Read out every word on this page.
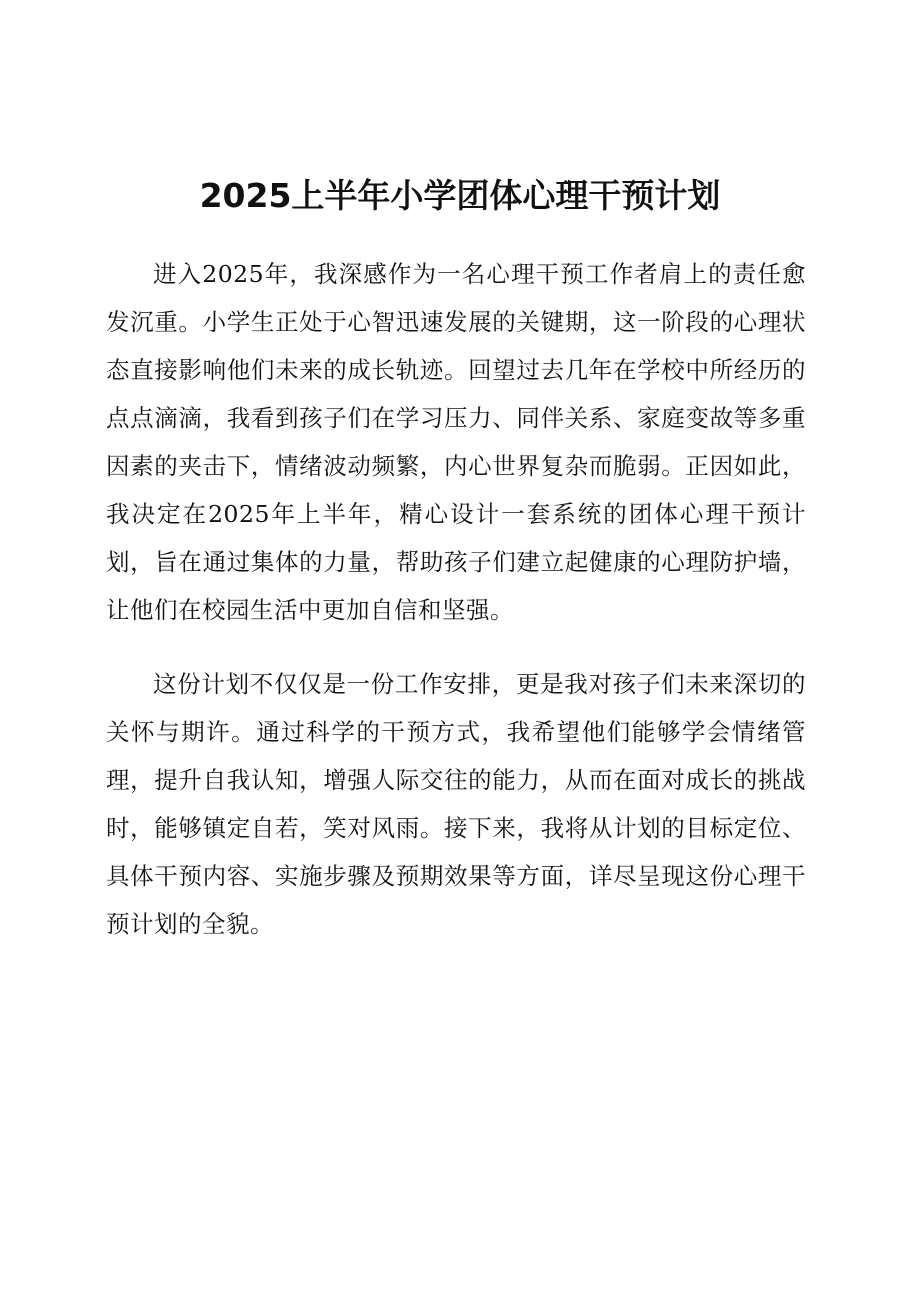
2025上半年小学团体心理干预计划

进入2025年，我深感作为一名心理干预工作者肩上的责任愈发沉重。小学生正处于心智迅速发展的关键期，这一阶段的心理状态直接影响他们未来的成长轨迹。回望过去几年在学校中所经历的点点滴滴，我看到孩子们在学习压力、同伴关系、家庭变故等多重因素的夹击下，情绪波动频繁，内心世界复杂而脆弱。正因如此，我决定在2025年上半年，精心设计一套系统的团体心理干预计划，旨在通过集体的力量，帮助孩子们建立起健康的心理防护墙，让他们在校园生活中更加自信和坚强。

这份计划不仅仅是一份工作安排，更是我对孩子们未来深切的关怀与期许。通过科学的干预方式，我希望他们能够学会情绪管理，提升自我认知，增强人际交往的能力，从而在面对成长的挑战时，能够镇定自若，笑对风雨。接下来，我将从计划的目标定位、具体干预内容、实施步骤及预期效果等方面，详尽呈现这份心理干预计划的全貌。
